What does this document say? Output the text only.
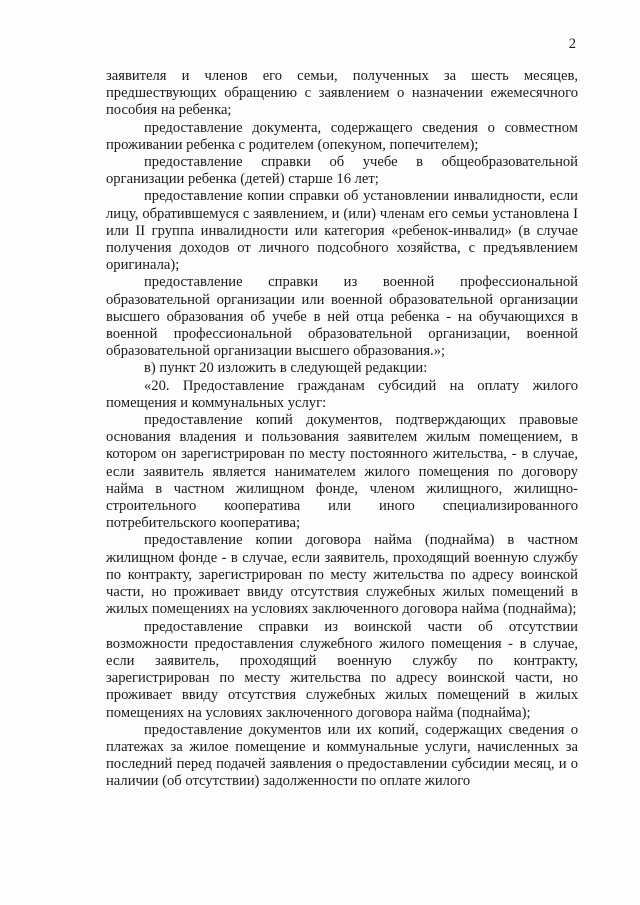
2

заявителя и членов его семьи, полученных за шесть месяцев, предшествующих обращению с заявлением о назначении ежемесячного пособия на ребенка;

предоставление документа, содержащего сведения о совместном проживании ребенка с родителем (опекуном, попечителем);

предоставление справки об учебе в общеобразовательной организации ребенка (детей) старше 16 лет;

предоставление копии справки об установлении инвалидности, если лицу, обратившемуся с заявлением, и (или) членам его семьи установлена I или II группа инвалидности или категория «ребенок-инвалид» (в случае получения доходов от личного подсобного хозяйства, с предъявлением оригинала);

предоставление справки из военной профессиональной образовательной организации или военной образовательной организации высшего образования об учебе в ней отца ребенка - на обучающихся в военной профессиональной образовательной организации, военной образовательной организации высшего образования.»;

в) пункт 20 изложить в следующей редакции:

«20. Предоставление гражданам субсидий на оплату жилого помещения и коммунальных услуг:

предоставление копий документов, подтверждающих правовые основания владения и пользования заявителем жилым помещением, в котором он зарегистрирован по месту постоянного жительства, - в случае, если заявитель является нанимателем жилого помещения по договору найма в частном жилищном фонде, членом жилищного, жилищно-строительного кооператива или иного специализированного потребительского кооператива;

предоставление копии договора найма (поднайма) в частном жилищном фонде - в случае, если заявитель, проходящий военную службу по контракту, зарегистрирован по месту жительства по адресу воинской части, но проживает ввиду отсутствия служебных жилых помещений в жилых помещениях на условиях заключенного договора найма (поднайма);

предоставление справки из воинской части об отсутствии возможности предоставления служебного жилого помещения - в случае, если заявитель, проходящий военную службу по контракту, зарегистрирован по месту жительства по адресу воинской части, но проживает ввиду отсутствия служебных жилых помещений в жилых помещениях на условиях заключенного договора найма (поднайма);

предоставление документов или их копий, содержащих сведения о платежах за жилое помещение и коммунальные услуги, начисленных за последний перед подачей заявления о предоставлении субсидии месяц, и о наличии (об отсутствии) задолженности по оплате жилого
